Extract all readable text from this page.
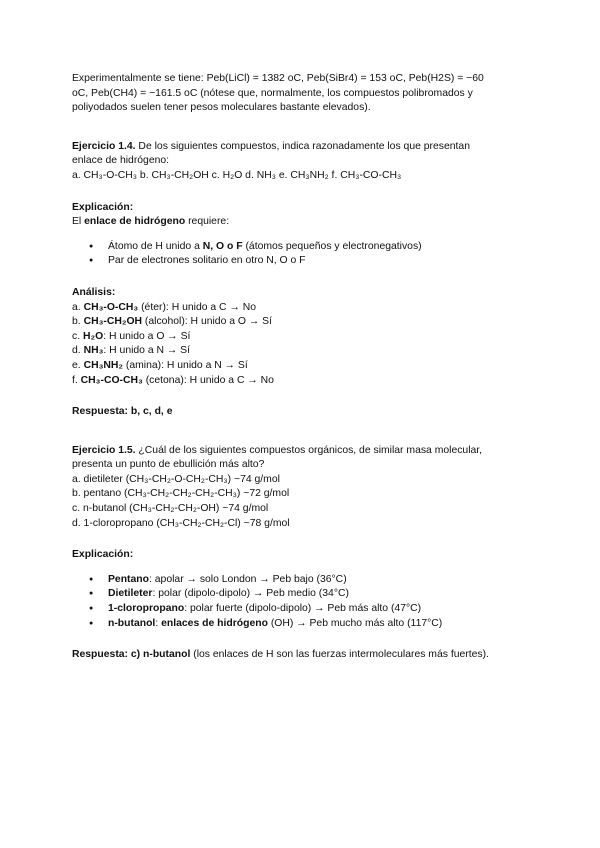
Experimentalmente se tiene: Peb(LiCl) = 1382 oC, Peb(SiBr4) = 153 oC, Peb(H2S) = −60
oC, Peb(CH4) = −161.5 oC (nótese que, normalmente, los compuestos polibromados y
poliyodados suelen tener pesos moleculares bastante elevados).

Ejercicio 1.4. De los siguientes compuestos, indica razonadamente los que presentan
enlace de hidrógeno:
a. CH₃-O-CH₃ b. CH₃-CH₂OH c. H₂O d. NH₃ e. CH₃NH₂ f. CH₃-CO-CH₃

Explicación:
El enlace de hidrógeno requiere:

● Átomo de H unido a N, O o F (átomos pequeños y electronegativos)
● Par de electrones solitario en otro N, O o F

Análisis:
a. CH₃-O-CH₃ (éter): H unido a C → No
b. CH₃-CH₂OH (alcohol): H unido a O → Sí
c. H₂O: H unido a O → Sí
d. NH₃: H unido a N → Sí
e. CH₃NH₂ (amina): H unido a N → Sí
f. CH₃-CO-CH₃ (cetona): H unido a C → No

Respuesta: b, c, d, e

Ejercicio 1.5. ¿Cuál de los siguientes compuestos orgánicos, de similar masa molecular,
presenta un punto de ebullición más alto?
a. dietileter (CH₃-CH₂-O-CH₂-CH₃) ~74 g/mol
b. pentano (CH₃-CH₂-CH₂-CH₂-CH₃) ~72 g/mol
c. n-butanol (CH₃-CH₂-CH₂-OH) ~74 g/mol
d. 1-cloropropano (CH₃-CH₂-CH₂-Cl) ~78 g/mol

Explicación:

● Pentano: apolar → solo London → Peb bajo (36°C)
● Dietileter: polar (dipolo-dipolo) → Peb medio (34°C)
● 1-cloropropano: polar fuerte (dipolo-dipolo) → Peb más alto (47°C)
● n-butanol: enlaces de hidrógeno (OH) → Peb mucho más alto (117°C)

Respuesta: c) n-butanol (los enlaces de H son las fuerzas intermoleculares más fuertes).
